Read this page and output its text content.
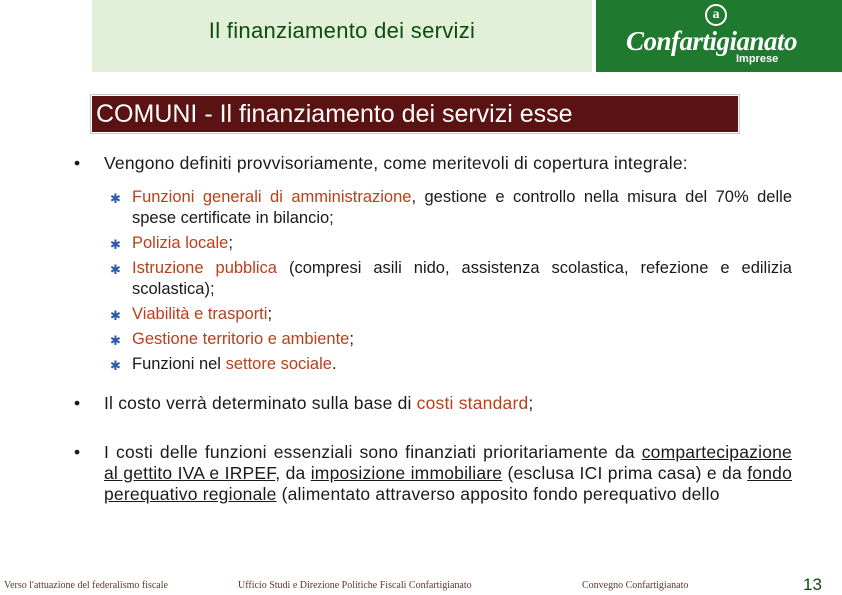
Il finanziamento dei servizi
a
Confartigianato
Imprese
COMUNI - Il finanziamento dei servizi esse
• Vengono definiti provvisoriamente, come meritevoli di copertura integrale:
✱ Funzioni generali di amministrazione, gestione e controllo nella misura del 70% delle spese certificate in bilancio;
✱ Polizia locale;
✱ Istruzione pubblica (compresi asili nido, assistenza scolastica, refezione e edilizia scolastica);
✱ Viabilità e trasporti;
✱ Gestione territorio e ambiente;
✱ Funzioni nel settore sociale.
• Il costo verrà determinato sulla base di costi standard;
• I costi delle funzioni essenziali sono finanziati prioritariamente da compartecipazione al gettito IVA e IRPEF, da imposizione immobiliare (esclusa ICI prima casa) e da fondo perequativo regionale (alimentato attraverso apposito fondo perequativo dello
Verso l'attuazione del federalismo fiscale	Ufficio Studi e Direzione Politiche Fiscali Confartigianato	Convegno Confartigianato	13
